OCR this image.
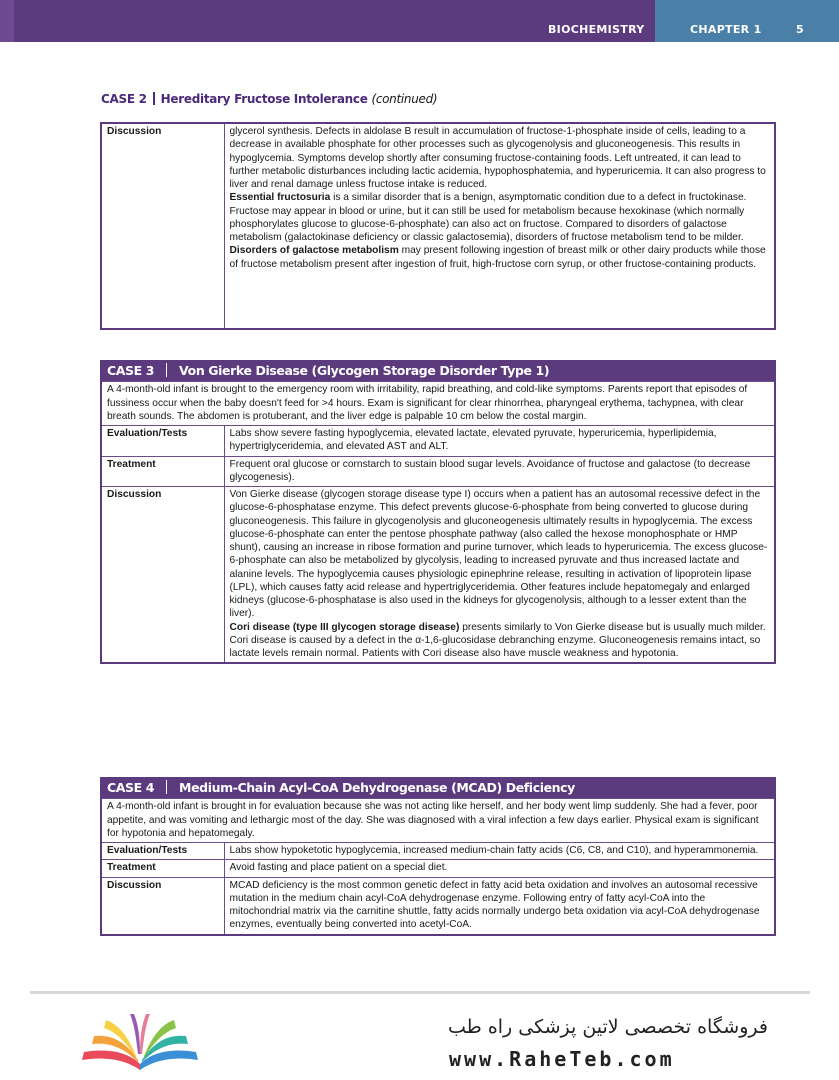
BIOCHEMISTRY	CHAPTER 1	5
CASE 2 Hereditary Fructose Intolerance (continued)
Discussion	glycerol synthesis. Defects in aldolase B result in accumulation of fructose-1-phosphate inside of cells, leading to a decrease in available phosphate for other processes such as glycogenolysis and gluconeogenesis. This results in hypoglycemia. Symptoms develop shortly after consuming fructose-containing foods. Left untreated, it can lead to further metabolic disturbances including lactic acidemia, hypophosphatemia, and hyperuricemia. It can also progress to liver and renal damage unless fructose intake is reduced.
Essential fructosuria is a similar disorder that is a benign, asymptomatic condition due to a defect in fructokinase. Fructose may appear in blood or urine, but it can still be used for metabolism because hexokinase (which normally phosphorylates glucose to glucose-6-phosphate) can also act on fructose. Compared to disorders of galactose metabolism (galactokinase deficiency or classic galactosemia), disorders of fructose metabolism tend to be milder.
Disorders of galactose metabolism may present following ingestion of breast milk or other dairy products while those of fructose metabolism present after ingestion of fruit, high-fructose corn syrup, or other fructose-containing products.
CASE 3 Von Gierke Disease (Glycogen Storage Disorder Type 1)	
A 4-month-old infant is brought to the emergency room with irritability, rapid breathing, and cold-like symptoms. Parents report that episodes of fussiness occur when the baby doesn't feed for >4 hours. Exam is significant for clear rhinorrhea, pharyngeal erythema, tachypnea, with clear breath sounds. The abdomen is protuberant, and the liver edge is palpable 10 cm below the costal margin.	
Evaluation/Tests	Labs show severe fasting hypoglycemia, elevated lactate, elevated pyruvate, hyperuricemia, hyperlipidemia, hypertriglyceridemia, and elevated AST and ALT.
Treatment	Frequent oral glucose or cornstarch to sustain blood sugar levels. Avoidance of fructose and galactose (to decrease glycogenesis).
Discussion	Von Gierke disease (glycogen storage disease type I) occurs when a patient has an autosomal recessive defect in the glucose-6-phosphatase enzyme. This defect prevents glucose-6-phosphate from being converted to glucose during gluconeogenesis. This failure in glycogenolysis and gluconeogenesis ultimately results in hypoglycemia. The excess glucose-6-phosphate can enter the pentose phosphate pathway (also called the hexose monophosphate or HMP shunt), causing an increase in ribose formation and purine turnover, which leads to hyperuricemia. The excess glucose-6-phosphate can also be metabolized by glycolysis, leading to increased pyruvate and thus increased lactate and alanine levels. The hypoglycemia causes physiologic epinephrine release, resulting in activation of lipoprotein lipase (LPL), which causes fatty acid release and hypertriglyceridemia. Other features include hepatomegaly and enlarged kidneys (glucose-6-phosphatase is also used in the kidneys for glycogenolysis, although to a lesser extent than the liver).
Cori disease (type III glycogen storage disease) presents similarly to Von Gierke disease but is usually much milder. Cori disease is caused by a defect in the α-1,6-glucosidase debranching enzyme. Gluconeogenesis remains intact, so lactate levels remain normal. Patients with Cori disease also have muscle weakness and hypotonia.
CASE 4 Medium-Chain Acyl-CoA Dehydrogenase (MCAD) Deficiency	
A 4-month-old infant is brought in for evaluation because she was not acting like herself, and her body went limp suddenly. She had a fever, poor appetite, and was vomiting and lethargic most of the day. She was diagnosed with a viral infection a few days earlier. Physical exam is significant for hypotonia and hepatomegaly.	
Evaluation/Tests	Labs show hypoketotic hypoglycemia, increased medium-chain fatty acids (C6, C8, and C10), and hyperammonemia.
Treatment	Avoid fasting and place patient on a special diet.
Discussion	MCAD deficiency is the most common genetic defect in fatty acid beta oxidation and involves an autosomal recessive mutation in the medium chain acyl-CoA dehydrogenase enzyme. Following entry of fatty acyl-CoA into the mitochondrial matrix via the carnitine shuttle, fatty acids normally undergo beta oxidation via acyl-CoA dehydrogenase enzymes, eventually being converted into acetyl-CoA.
فروشگاه تخصصی لاتین پزشکی راه طب
www.RaheTeb.com
